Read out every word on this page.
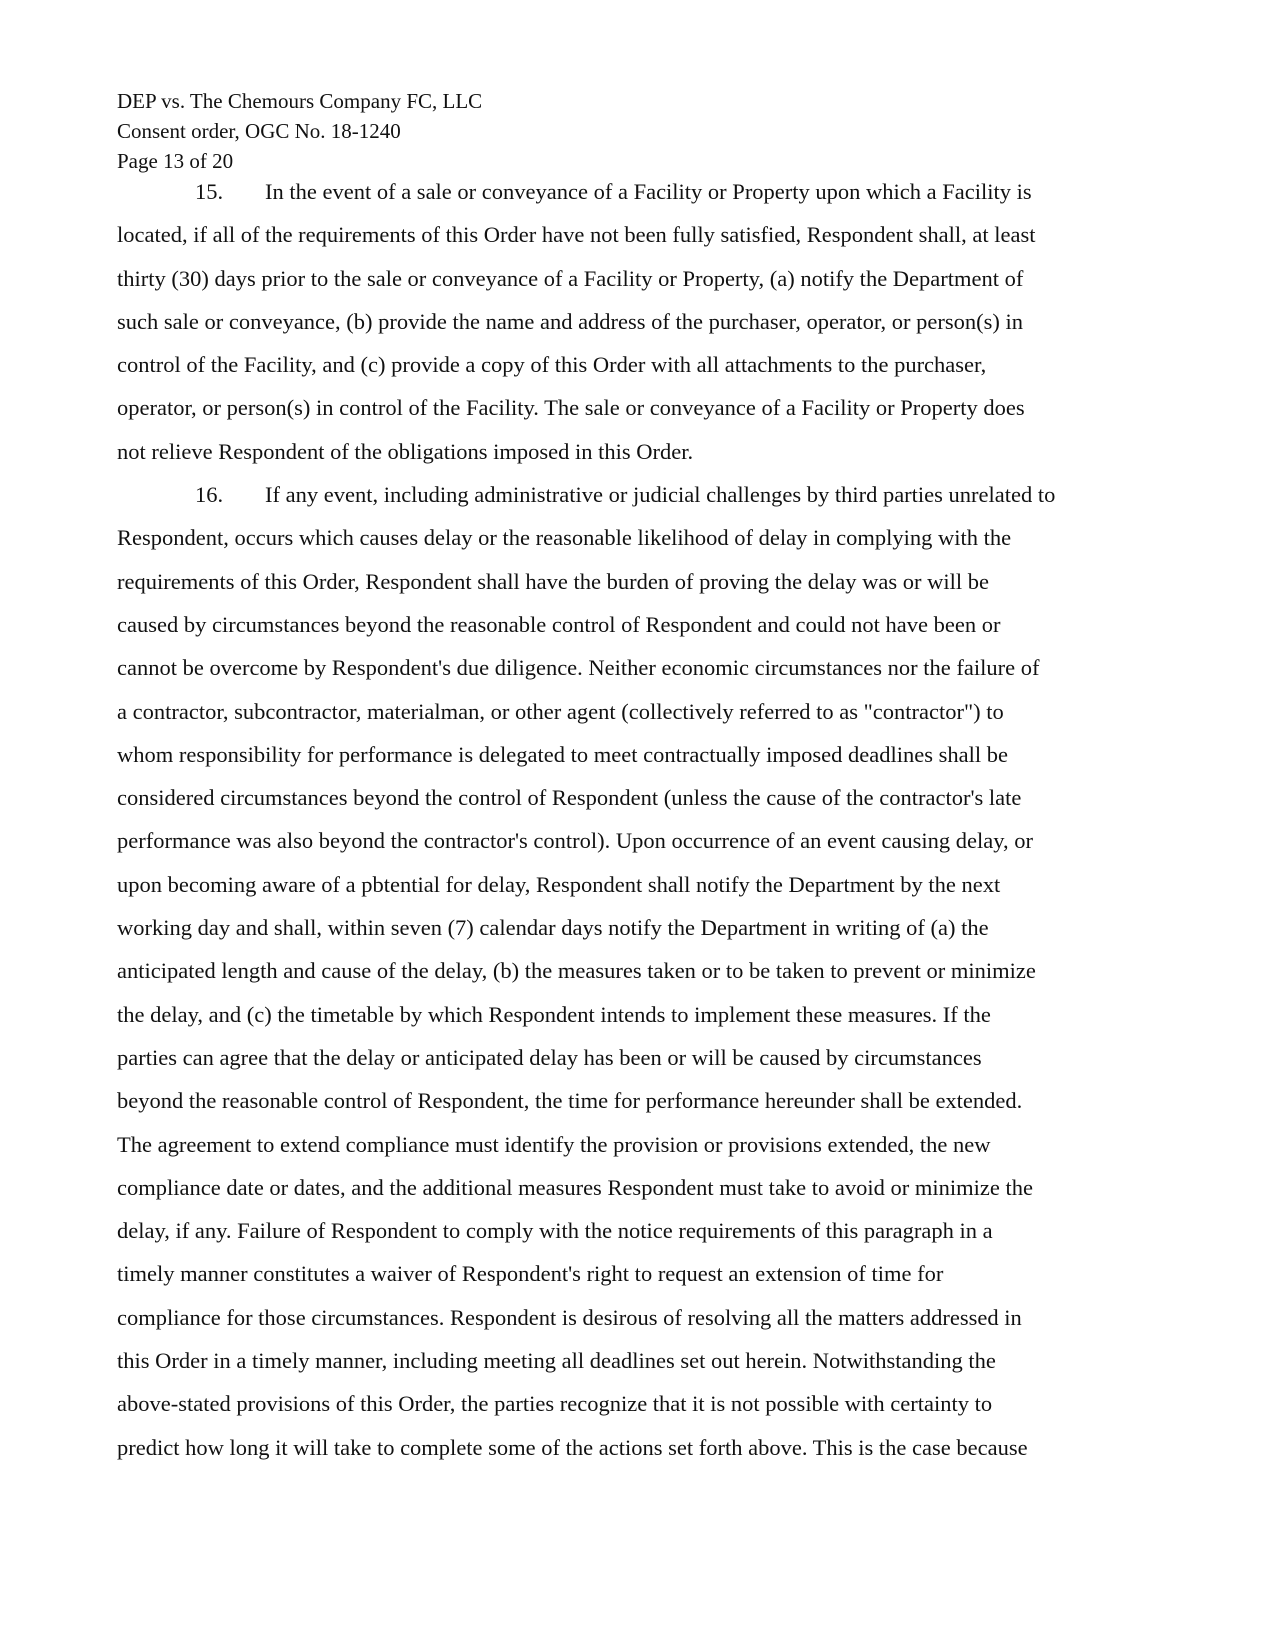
DEP vs. The Chemours Company FC, LLC
Consent order, OGC No. 18-1240
Page 13 of 20
15. In the event of a sale or conveyance of a Facility or Property upon which a Facility is
located, if all of the requirements of this Order have not been fully satisfied, Respondent shall, at least
thirty (30) days prior to the sale or conveyance of a Facility or Property, (a) notify the Department of
such sale or conveyance, (b) provide the name and address of the purchaser, operator, or person(s) in
control of the Facility, and (c) provide a copy of this Order with all attachments to the purchaser,
operator, or person(s) in control of the Facility. The sale or conveyance of a Facility or Property does
not relieve Respondent of the obligations imposed in this Order.
16. If any event, including administrative or judicial challenges by third parties unrelated to
Respondent, occurs which causes delay or the reasonable likelihood of delay in complying with the
requirements of this Order, Respondent shall have the burden of proving the delay was or will be
caused by circumstances beyond the reasonable control of Respondent and could not have been or
cannot be overcome by Respondent's due diligence. Neither economic circumstances nor the failure of
a contractor, subcontractor, materialman, or other agent (collectively referred to as "contractor") to
whom responsibility for performance is delegated to meet contractually imposed deadlines shall be
considered circumstances beyond the control of Respondent (unless the cause of the contractor's late
performance was also beyond the contractor's control). Upon occurrence of an event causing delay, or
upon becoming aware of a pbtential for delay, Respondent shall notify the Department by the next
working day and shall, within seven (7) calendar days notify the Department in writing of (a) the
anticipated length and cause of the delay, (b) the measures taken or to be taken to prevent or minimize
the delay, and (c) the timetable by which Respondent intends to implement these measures. If the
parties can agree that the delay or anticipated delay has been or will be caused by circumstances
beyond the reasonable control of Respondent, the time for performance hereunder shall be extended.
The agreement to extend compliance must identify the provision or provisions extended, the new
compliance date or dates, and the additional measures Respondent must take to avoid or minimize the
delay, if any. Failure of Respondent to comply with the notice requirements of this paragraph in a
timely manner constitutes a waiver of Respondent's right to request an extension of time for
compliance for those circumstances. Respondent is desirous of resolving all the matters addressed in
this Order in a timely manner, including meeting all deadlines set out herein. Notwithstanding the
above-stated provisions of this Order, the parties recognize that it is not possible with certainty to
predict how long it will take to complete some of the actions set forth above. This is the case because
